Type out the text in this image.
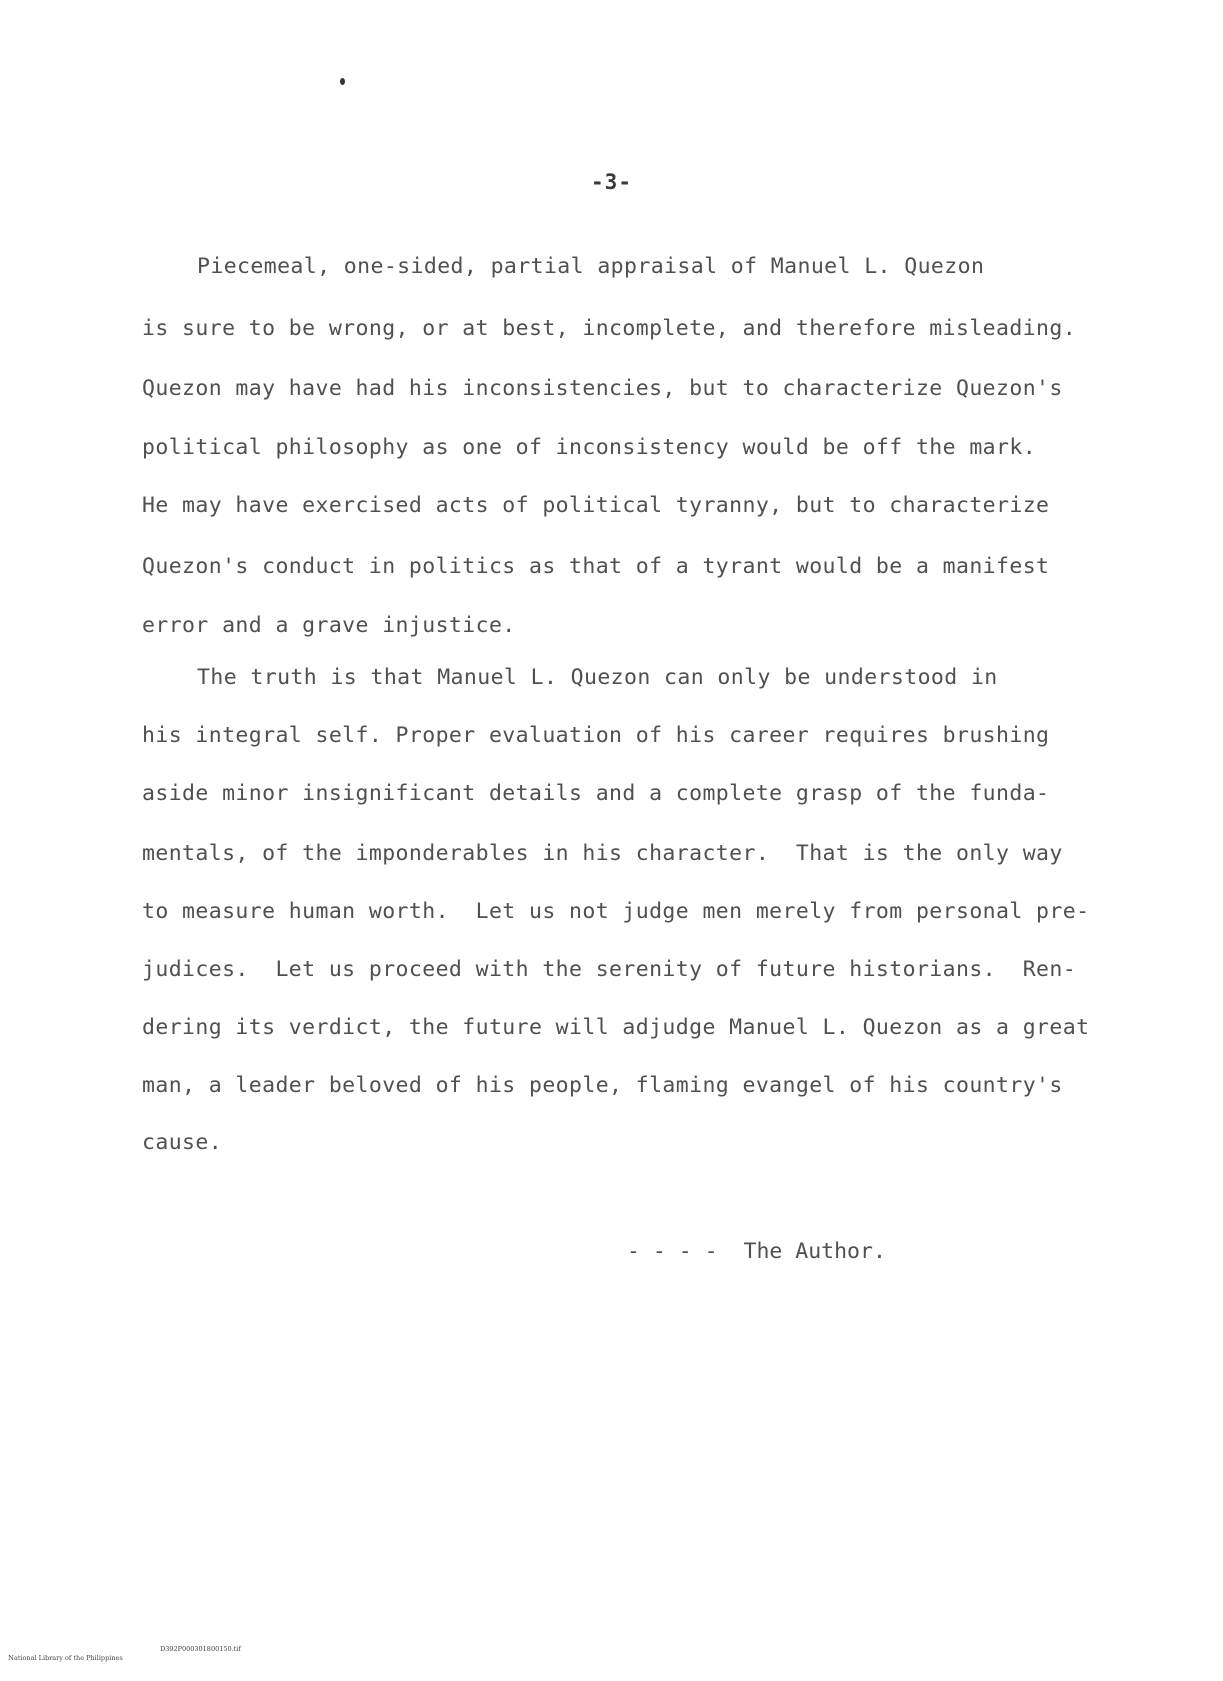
-3-
Piecemeal, one-sided, partial appraisal of Manuel L. Quezon
is sure to be wrong, or at best, incomplete, and therefore misleading.
Quezon may have had his inconsistencies, but to characterize Quezon's
political philosophy as one of inconsistency would be off the mark.
He may have exercised acts of political tyranny, but to characterize
Quezon's conduct in politics as that of a tyrant would be a manifest
error and a grave injustice.
The truth is that Manuel L. Quezon can only be understood in
his integral self. Proper evaluation of his career requires brushing
aside minor insignificant details and a complete grasp of the funda-
mentals, of the imponderables in his character.  That is the only way
to measure human worth.  Let us not judge men merely from personal pre-
judices.  Let us proceed with the serenity of future historians.  Ren-
dering its verdict, the future will adjudge Manuel L. Quezon as a great
man, a leader beloved of his people, flaming evangel of his country's
cause.
- - - -  The Author.

National Library of the Philippines

D392P000301800150.tif
